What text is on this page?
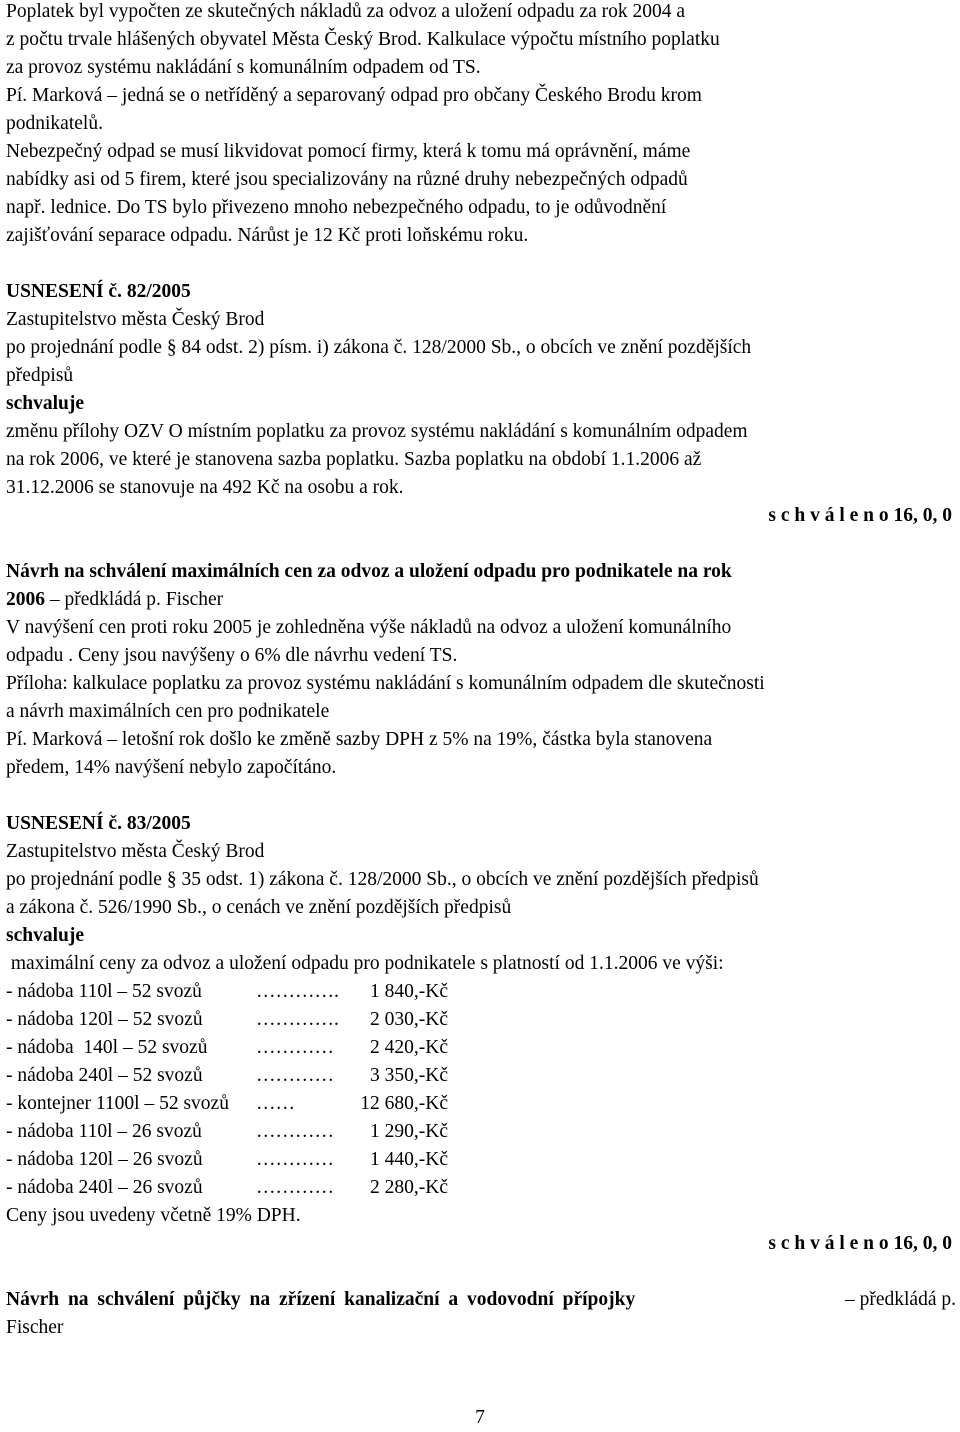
Poplatek byl vypočten ze skutečných nákladů za odvoz a uložení odpadu za rok 2004 a
z počtu trvale hlášených obyvatel Města Český Brod. Kalkulace výpočtu místního poplatku
za provoz systému nakládání s komunálním odpadem od TS.
Pí. Marková – jedná se o netříděný a separovaný odpad pro občany Českého Brodu krom
podnikatelů.
Nebezpečný odpad se musí likvidovat pomocí firmy, která k tomu má oprávnění, máme
nabídky asi od 5 firem, které jsou specializovány na různé druhy nebezpečných odpadů
např. lednice. Do TS bylo přivezeno mnoho nebezpečného odpadu, to je odůvodnění
zajišťování separace odpadu. Nárůst je 12 Kč proti loňskému roku.
USNESENÍ č. 82/2005
Zastupitelstvo města Český Brod
po projednání podle § 84 odst. 2) písm. i) zákona č. 128/2000 Sb., o obcích ve znění pozdějších
předpisů
schvaluje
změnu přílohy OZV O místním poplatku za provoz systému nakládání s komunálním odpadem
na rok 2006, ve které je stanovena sazba poplatku. Sazba poplatku na období 1.1.2006 až
31.12.2006 se stanovuje na 492 Kč na osobu a rok.
s c h v á l e n o 16, 0, 0
Návrh na schválení maximálních cen za odvoz a uložení odpadu pro podnikatele na rok
2006 – předkládá p. Fischer
V navýšení cen proti roku 2005 je zohledněna výše nákladů na odvoz a uložení komunálního
odpadu . Ceny jsou navýšeny o 6% dle návrhu vedení TS.
Příloha: kalkulace poplatku za provoz systému nakládání s komunálním odpadem dle skutečnosti
a návrh maximálních cen pro podnikatele
Pí. Marková – letošní rok došlo ke změně sazby DPH z 5% na 19%, částka byla stanovena
předem, 14% navýšení nebylo započítáno.
USNESENÍ č. 83/2005
Zastupitelstvo města Český Brod
po projednání podle § 35 odst. 1) zákona č. 128/2000 Sb., o obcích ve znění pozdějších předpisů
a zákona č. 526/1990 Sb., o cenách ve znění pozdějších předpisů
schvaluje
maximální ceny za odvoz a uložení odpadu pro podnikatele s platností od 1.1.2006 ve výši:
- nádoba 110l – 52 svozů	…………. 1 840,-Kč
- nádoba 120l – 52 svozů	…………. 2 030,-Kč
- nádoba  140l – 52 svozů ………… 2 420,-Kč
- nádoba 240l – 52 svozů	………… 3 350,-Kč
- kontejner 1100l – 52 svozů ……	12 680,-Kč
- nádoba 110l – 26 svozů	………… 1 290,-Kč
- nádoba 120l – 26 svozů	………… 1 440,-Kč
- nádoba 240l – 26 svozů	………… 2 280,-Kč
Ceny jsou uvedeny včetně 19% DPH.
s c h v á l e n o 16, 0, 0
Návrh na schválení půjčky na zřízení kanalizační a vodovodní přípojky	– předkládá p.
Fischer
7
